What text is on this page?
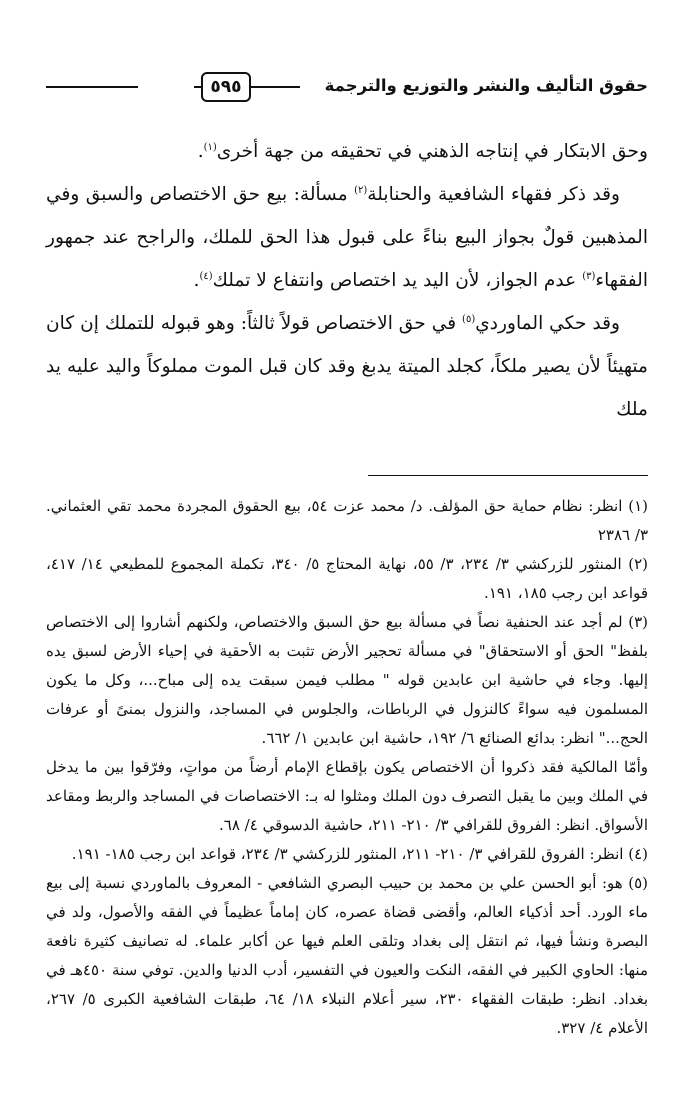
حقوق التأليف والنشر والتوزيع والترجمة
٥٩٥

وحق الابتكار في إنتاجه الذهني في تحقيقه من جهة أخرى$^{(١)}$.

وقد ذكر فقهاء الشافعية والحنابلة$^{(٢)}$ مسألة: بيع حق الاختصاص والسبق وفي المذهبين قولٌ بجواز البيع بناءً على قبول هذا الحق للملك، والراجح عند جمهور الفقهاء$^{(٣)}$ عدم الجواز، لأن اليد يد اختصاص وانتفاع لا تملك$^{(٤)}$.

وقد حكي الماوردي$^{(٥)}$ في حق الاختصاص قولاً ثالثاً: وهو قبوله للتملك إن كان متهيئاً لأن يصير ملكاً، كجلد الميتة يدبغ وقد كان قبل الموت مملوكاً واليد عليه يد ملك

(١) انظر: نظام حماية حق المؤلف. د/ محمد عزت ٥٤، بيع الحقوق المجردة محمد تقي العثماني. ٣/ ٢٣٨٦

(٢) المنثور للزركشي ٣/ ٢٣٤، ٣/ ٥٥، نهاية المحتاج ٥/ ٣٤٠، تكملة المجموع للمطيعي ١٤/ ٤١٧، قواعد ابن رجب ١٨٥، ١٩١.

(٣) لم أجد عند الحنفية نصاً في مسألة بيع حق السبق والاختصاص، ولكنهم أشاروا إلى الاختصاص بلفظ" الحق أو الاستحقاق" في مسألة تحجير الأرض تثبت به الأحقية في إحياء الأرض لسبق يده إليها. وجاء في حاشية ابن عابدين قوله " مطلب فيمن سبقت يده إلى مباح...، وكل ما يكون المسلمون فيه سواءً كالنزول في الرباطات، والجلوس في المساجد، والنزول بمنىً أو عرفات الحج..." انظر: بدائع الصنائع ٦/ ١٩٢، حاشية ابن عابدين ١/ ٦٦٢.

وأمّا المالكية فقد ذكروا أن الاختصاص يكون بإقطاع الإمام أرضاً من مواتٍ، وفرّقوا بين ما يدخل في الملك وبين ما يقبل التصرف دون الملك ومثلوا له بـ: الاختصاصات في المساجد والربط ومقاعد الأسواق. انظر: الفروق للقرافي ٣/ ٢١٠- ٢١١، حاشية الدسوقي ٤/ ٦٨.

(٤) انظر: الفروق للقرافي ٣/ ٢١٠- ٢١١، المنثور للزركشي ٣/ ٢٣٤، قواعد ابن رجب ١٨٥- ١٩١.

(٥) هو: أبو الحسن علي بن محمد بن حبيب البصري الشافعي - المعروف بالماوردي نسبة إلى بيع ماء الورد. أحد أذكياء العالم، وأقضى قضاة عصره، كان إماماً عظيماً في الفقه والأصول، ولد في البصرة ونشأ فيها، ثم انتقل إلى بغداد وتلقى العلم فيها عن أكابر علماء. له تصانيف كثيرة نافعة منها: الحاوي الكبير في الفقه، النكت والعيون في التفسير، أدب الدنيا والدين. توفي سنة ٤٥٠هـ في بغداد. انظر: طبقات الفقهاء ٢٣٠، سير أعلام النبلاء ١٨/ ٦٤، طبقات الشافعية الكبرى ٥/ ٢٦٧، الأعلام ٤/ ٣٢٧.
